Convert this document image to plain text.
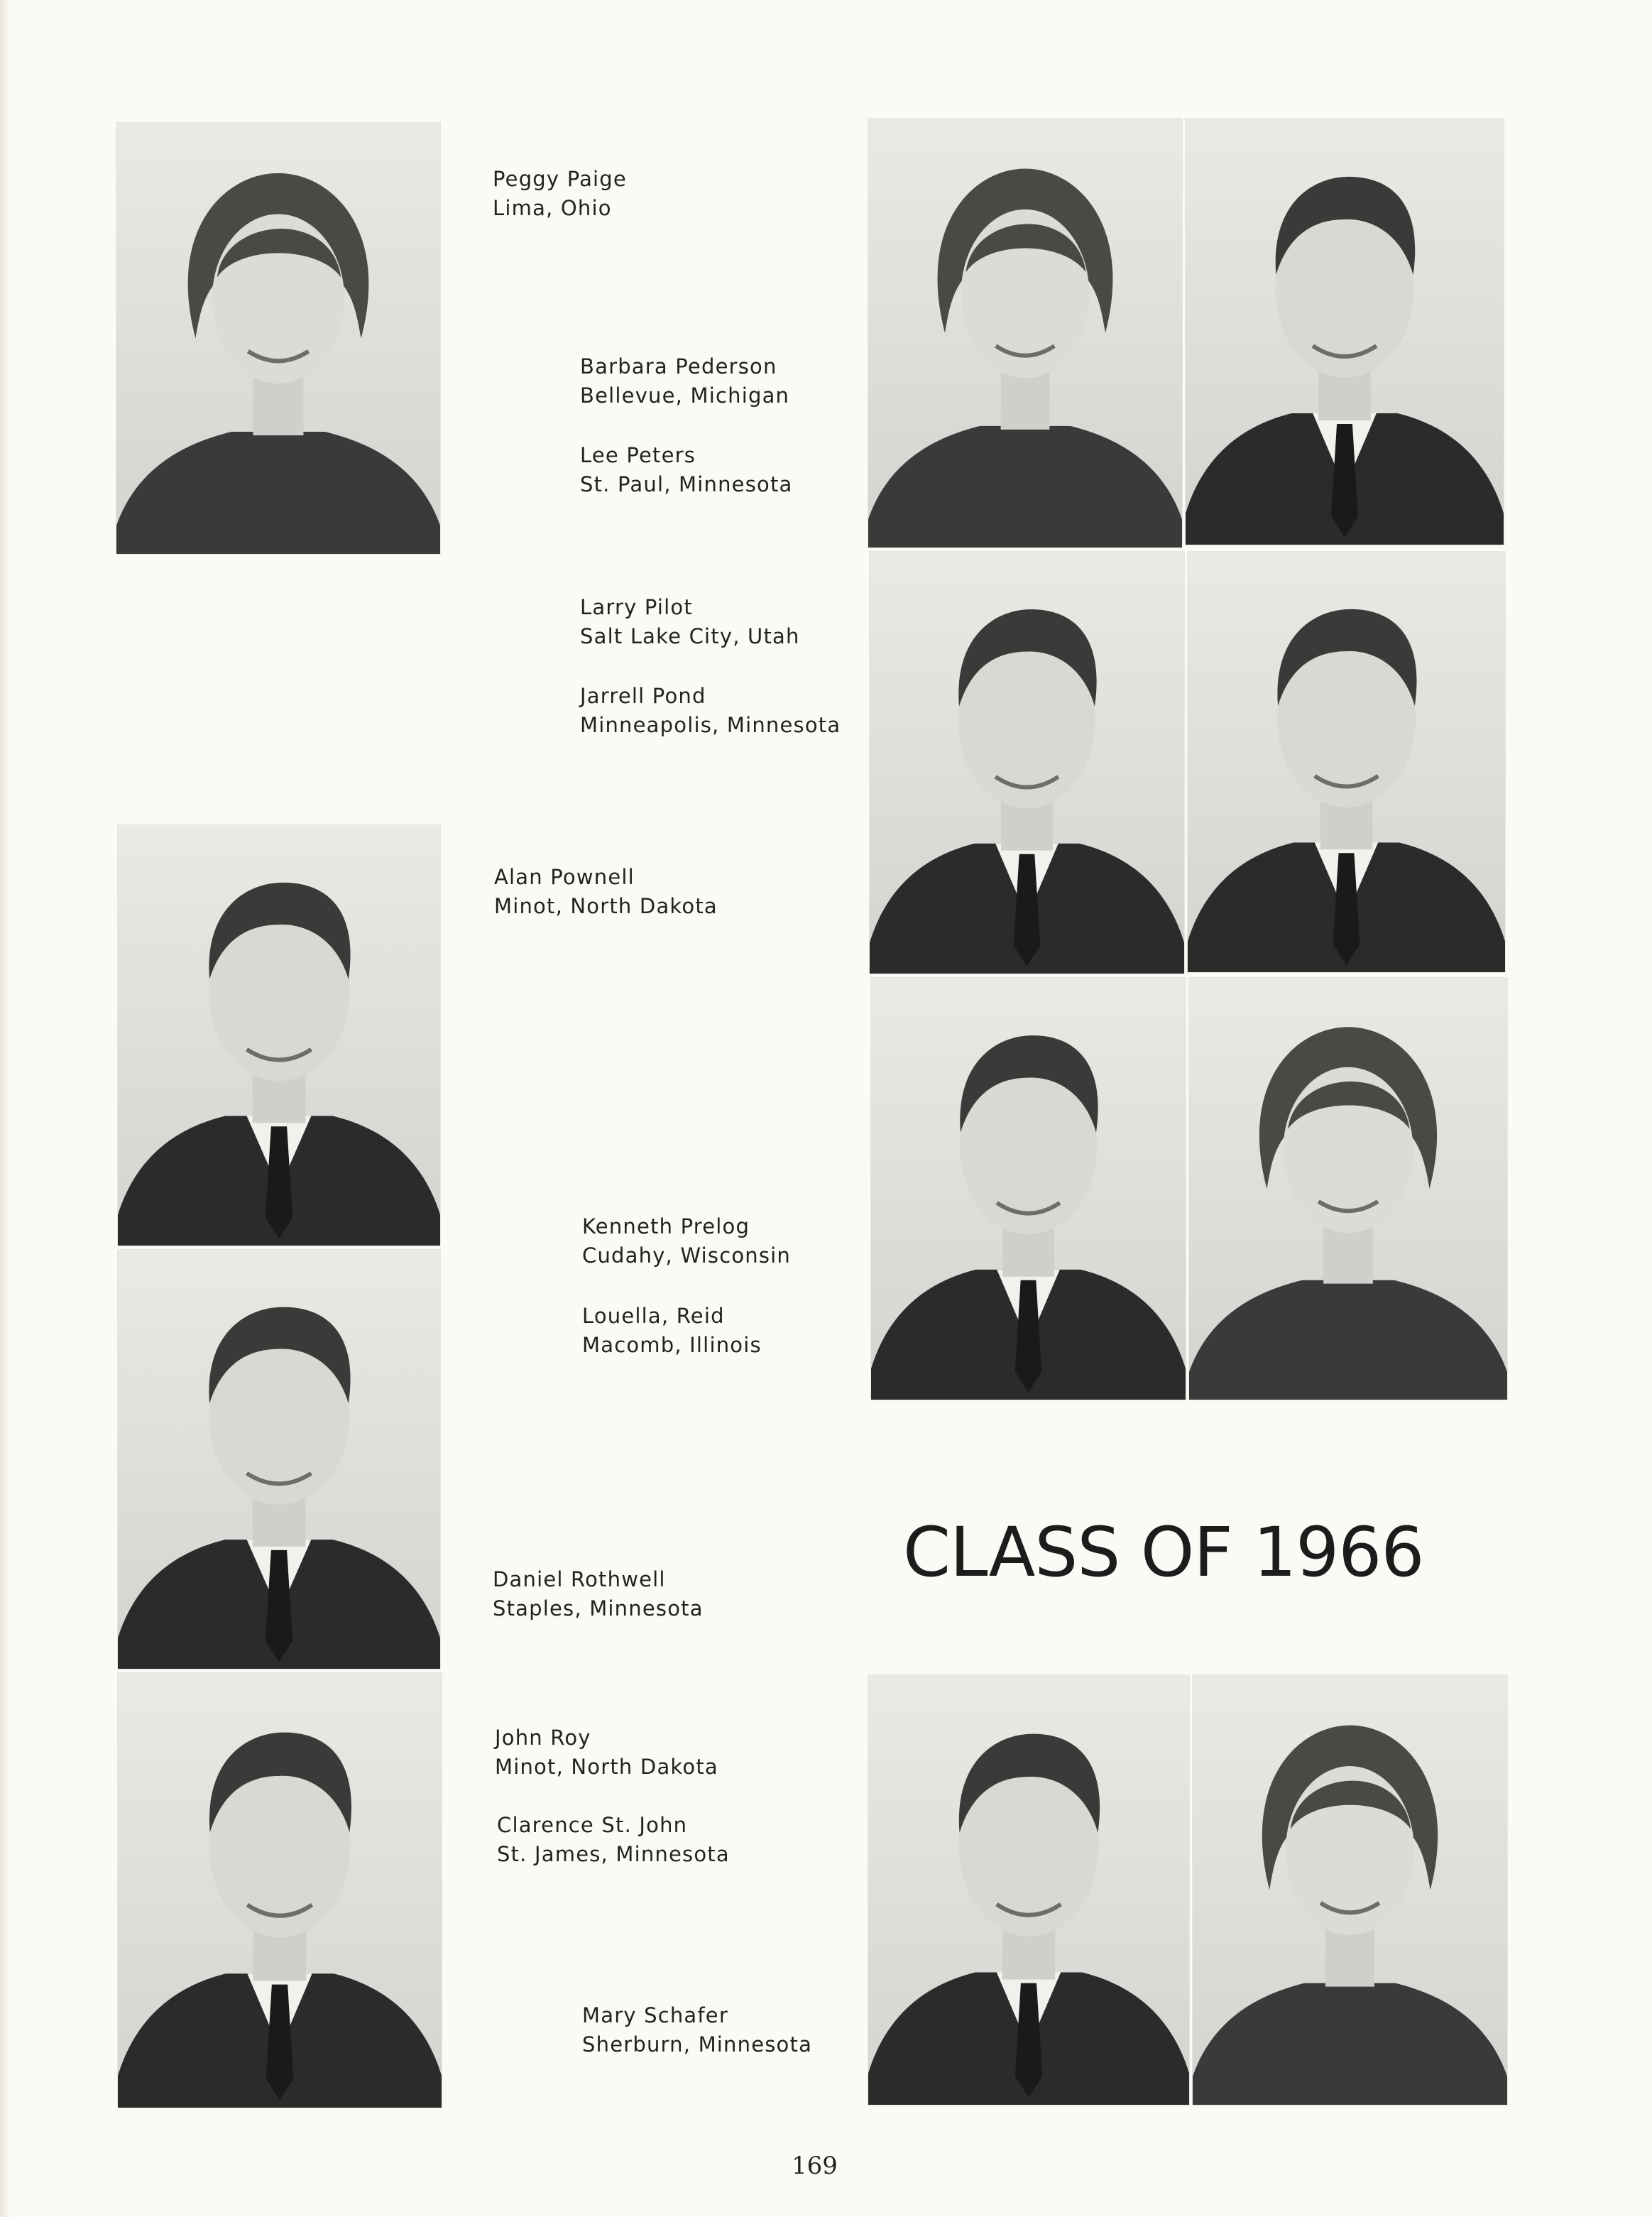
Peggy Paige
Lima, Ohio
Barbara Pederson
Bellevue, Michigan
Lee Peters
St. Paul, Minnesota
Larry Pilot
Salt Lake City, Utah
Jarrell Pond
Minneapolis, Minnesota
Alan Pownell
Minot, North Dakota
Kenneth Prelog
Cudahy, Wisconsin
Louella, Reid
Macomb, Illinois
Daniel Rothwell
Staples, Minnesota
John Roy
Minot, North Dakota
Clarence St. John
St. James, Minnesota
Mary Schafer
Sherburn, Minnesota
CLASS OF 1966
169
